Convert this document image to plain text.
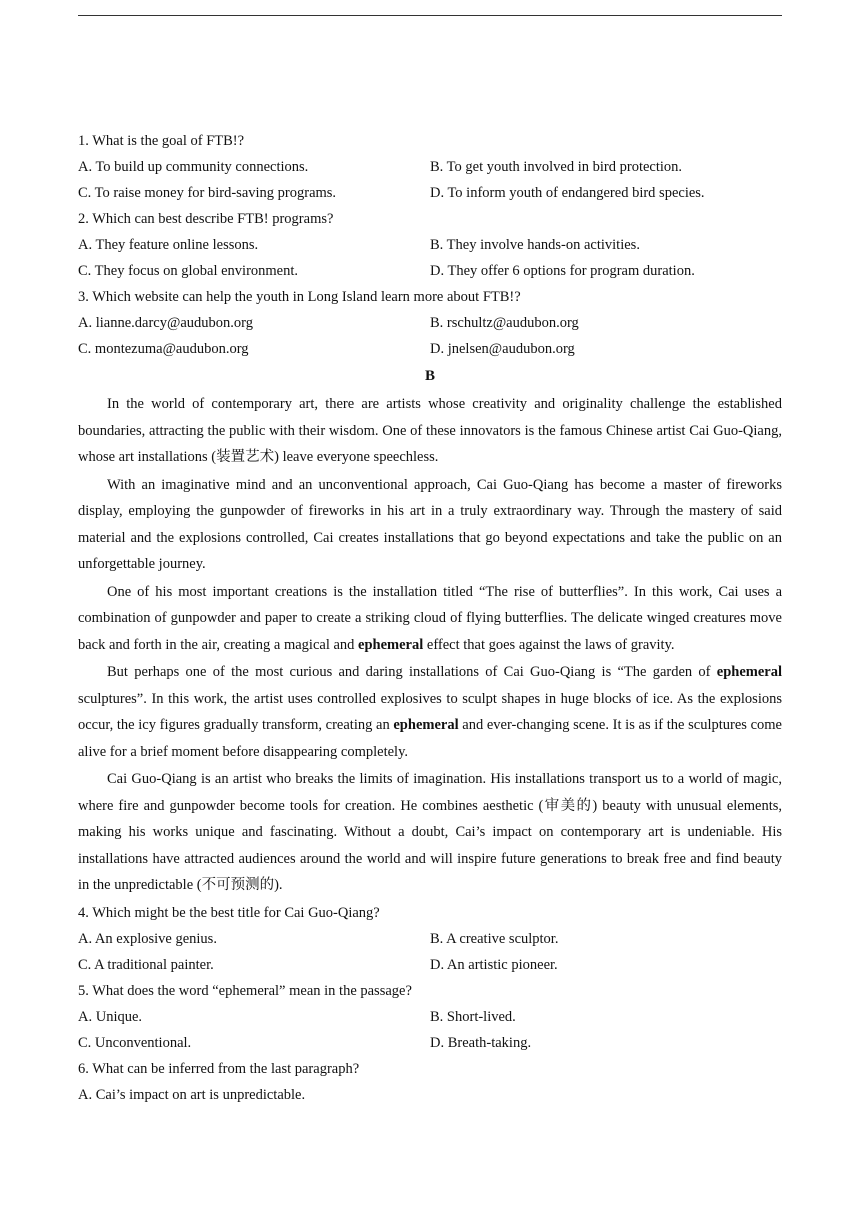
1. What is the goal of FTB!?
A. To build up community connections.	B. To get youth involved in bird protection.
C. To raise money for bird-saving programs.	D. To inform youth of endangered bird species.
2. Which can best describe FTB! programs?
A. They feature online lessons.	B. They involve hands-on activities.
C. They focus on global environment.	D. They offer 6 options for program duration.
3. Which website can help the youth in Long Island learn more about FTB!?
A. lianne.darcy@audubon.org	B. rschultz@audubon.org
C. montezuma@audubon.org	D. jnelsen@audubon.org
B

In the world of contemporary art, there are artists whose creativity and originality challenge the established boundaries, attracting the public with their wisdom. One of these innovators is the famous Chinese artist Cai Guo-Qiang, whose art installations (装置艺术) leave everyone speechless.

With an imaginative mind and an unconventional approach, Cai Guo-Qiang has become a master of fireworks display, employing the gunpowder of fireworks in his art in a truly extraordinary way. Through the mastery of said material and the explosions controlled, Cai creates installations that go beyond expectations and take the public on an unforgettable journey.

One of his most important creations is the installation titled “The rise of butterflies”. In this work, Cai uses a combination of gunpowder and paper to create a striking cloud of flying butterflies. The delicate winged creatures move back and forth in the air, creating a magical and ephemeral effect that goes against the laws of gravity.

But perhaps one of the most curious and daring installations of Cai Guo-Qiang is “The garden of ephemeral sculptures”. In this work, the artist uses controlled explosives to sculpt shapes in huge blocks of ice. As the explosions occur, the icy figures gradually transform, creating an ephemeral and ever-changing scene. It is as if the sculptures come alive for a brief moment before disappearing completely.

Cai Guo-Qiang is an artist who breaks the limits of imagination. His installations transport us to a world of magic, where fire and gunpowder become tools for creation. He combines aesthetic (审美的) beauty with unusual elements, making his works unique and fascinating. Without a doubt, Cai’s impact on contemporary art is undeniable. His installations have attracted audiences around the world and will inspire future generations to break free and find beauty in the unpredictable (不可预测的).

4. Which might be the best title for Cai Guo-Qiang?
A. An explosive genius.	B. A creative sculptor.
C. A traditional painter.	D. An artistic pioneer.
5. What does the word “ephemeral” mean in the passage?
A. Unique.	B. Short-lived.
C. Unconventional.	D. Breath-taking.
6. What can be inferred from the last paragraph?
A. Cai’s impact on art is unpredictable.
